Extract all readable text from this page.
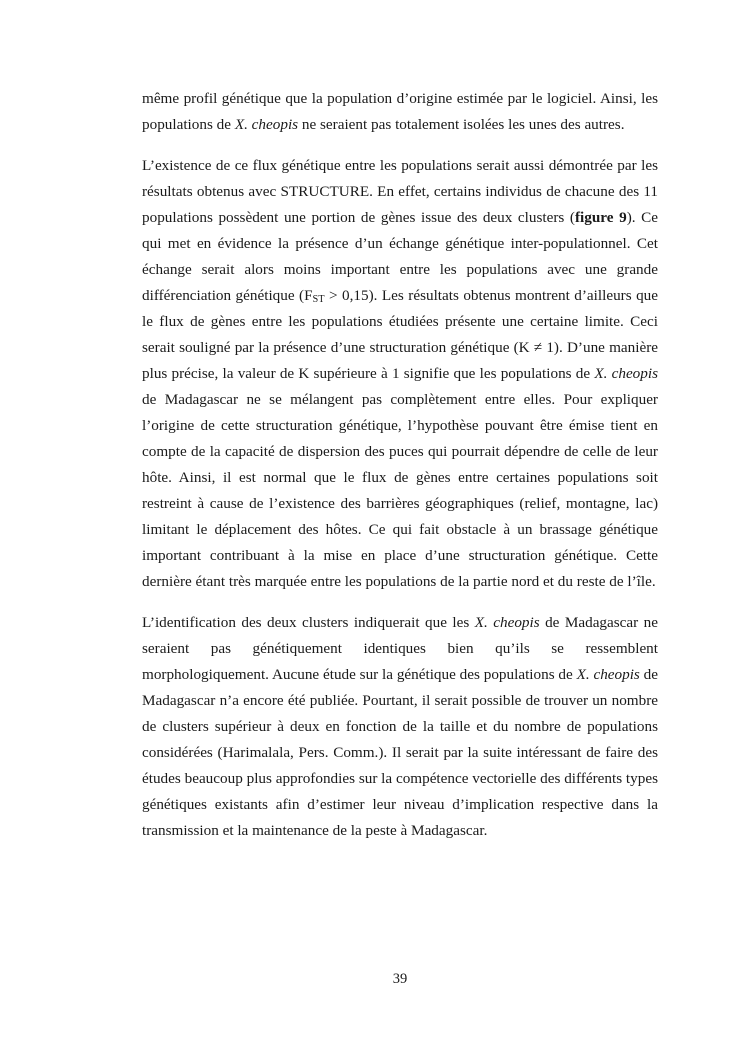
même profil génétique que la population d’origine estimée par le logiciel. Ainsi, les populations de X. cheopis ne seraient pas totalement isolées les unes des autres.

L’existence de ce flux génétique entre les populations serait aussi démontrée par les résultats obtenus avec STRUCTURE. En effet, certains individus de chacune des 11 populations possèdent une portion de gènes issue des deux clusters (figure 9). Ce qui met en évidence la présence d’un échange génétique inter-populationnel. Cet échange serait alors moins important entre les populations avec une grande différenciation génétique $(F_{ST} > 0,15)$. Les résultats obtenus montrent d’ailleurs que le flux de gènes entre les populations étudiées présente une certaine limite. Ceci serait souligné par la présence d’une structuration génétique (K ≠ 1). D’une manière plus précise, la valeur de K supérieure à 1 signifie que les populations de X. cheopis de Madagascar ne se mélangent pas complètement entre elles. Pour expliquer l’origine de cette structuration génétique, l’hypothèse pouvant être émise tient en compte de la capacité de dispersion des puces qui pourrait dépendre de celle de leur hôte. Ainsi, il est normal que le flux de gènes entre certaines populations soit restreint à cause de l’existence des barrières géographiques (relief, montagne, lac) limitant le déplacement des hôtes. Ce qui fait obstacle à un brassage génétique important contribuant à la mise en place d’une structuration génétique. Cette dernière étant très marquée entre les populations de la partie nord et du reste de l’île.

L’identification des deux clusters indiquerait que les X. cheopis de Madagascar ne seraient pas génétiquement identiques bien qu’ils se ressemblent morphologiquement. Aucune étude sur la génétique des populations de X. cheopis de Madagascar n’a encore été publiée. Pourtant, il serait possible de trouver un nombre de clusters supérieur à deux en fonction de la taille et du nombre de populations considérées (Harimalala, Pers. Comm.). Il serait par la suite intéressant de faire des études beaucoup plus approfondies sur la compétence vectorielle des différents types génétiques existants afin d’estimer leur niveau d’implication respective dans la transmission et la maintenance de la peste à Madagascar.

39
